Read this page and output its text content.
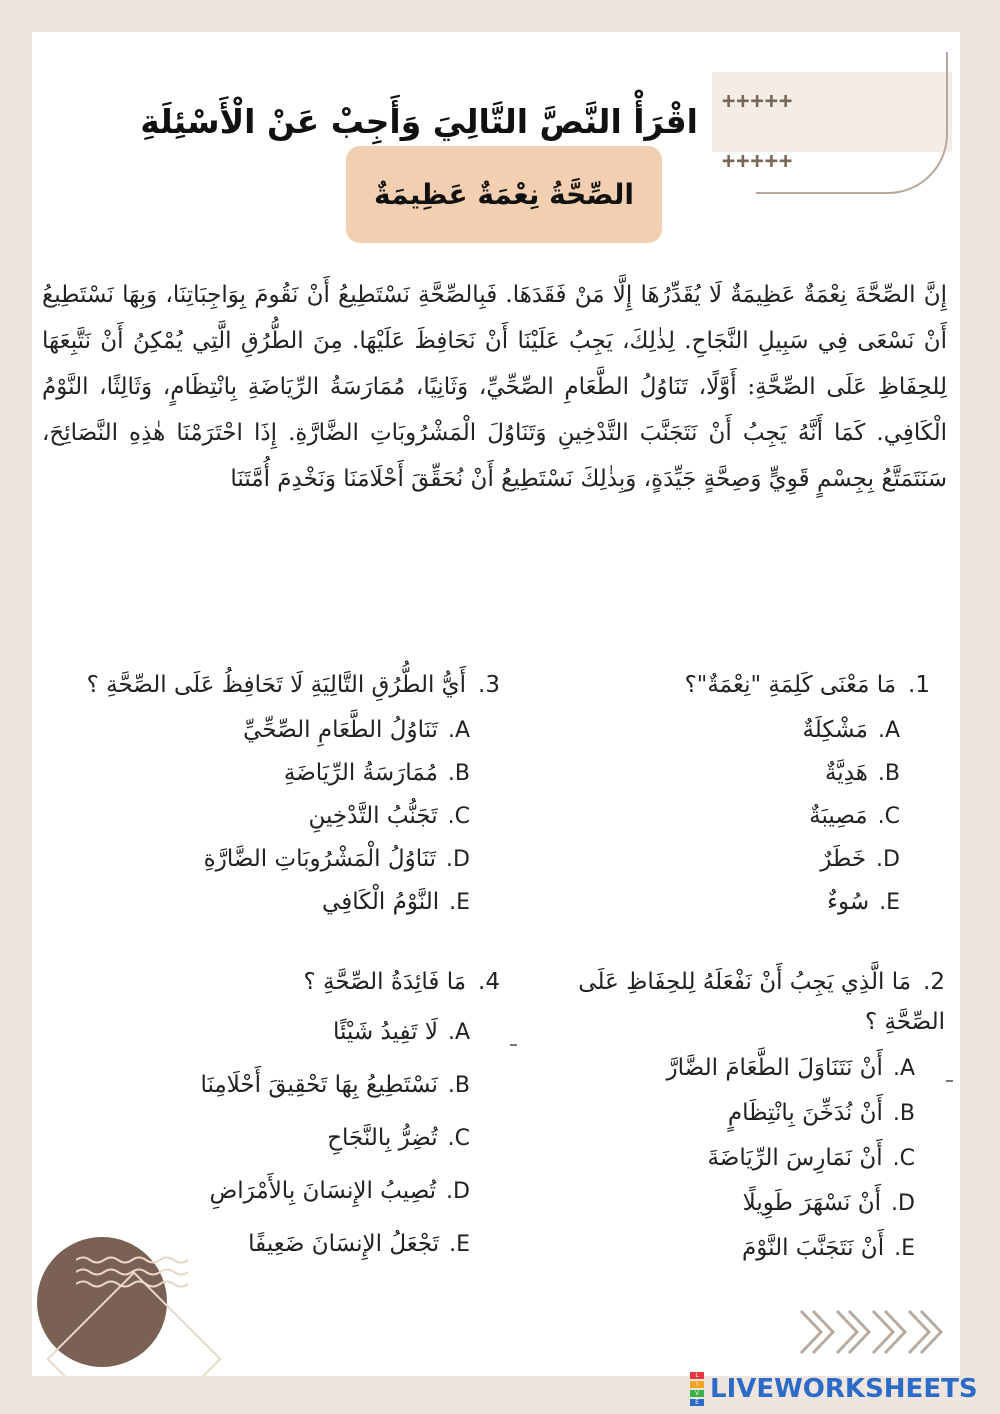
+++++

+++++

اقْرَأْ النَّصَّ التَّالِيَ وَأَجِبْ عَنْ الْأَسْئِلَةِ
الصِّحَّةُ نِعْمَةٌ عَظِيمَةٌ
إِنَّ الصِّحَّةَ نِعْمَةٌ عَظِيمَةٌ لَا يُقَدِّرُهَا إِلَّا مَنْ فَقَدَهَا. فَبِالصِّحَّةِ نَسْتَطِيعُ أَنْ نَقُومَ بِوَاجِبَاتِنَا، وَبِهَا نَسْتَطِيعُ أَنْ نَسْعَى فِي سَبِيلِ النَّجَاحِ. لِذٰلِكَ، يَجِبُ عَلَيْنَا أَنْ نَحَافِظَ عَلَيْهَا. مِنَ الطُّرُقِ الَّتِي يُمْكِنُ أَنْ نَتَّبِعَهَا لِلحِفَاظِ عَلَى الصِّحَّةِ: أَوَّلًا، تَنَاوُلُ الطَّعَامِ الصِّحِّيِّ، وَثَانِيًا، مُمَارَسَةُ الرِّيَاضَةِ بِانْتِظَامٍ، وَثَالِثًا، النَّوْمُ الْكَافِي. كَمَا أَنَّهُ يَجِبُ أَنْ نَتَجَنَّبَ التَّدْخِينِ وَتَنَاوُلَ الْمَشْرُوبَاتِ الضَّارَّةِ. إِذَا احْتَرَمْنَا هٰذِهِ النَّصَائِحَ، سَنَتَمَتَّعُ بِجِسْمٍ قَوِيٍّ وَصِحَّةٍ جَيِّدَةٍ، وَبِذٰلِكَ نَسْتَطِيعُ أَنْ نُحَقِّقَ أَحْلَامَنَا وَنَخْدِمَ أُمَّتَنَا
1.مَا مَعْنَى كَلِمَةِ "نِعْمَةٌ"؟
A.مَشْكِلَةٌ
B.هَدِيَّةٌ
C.مَصِيبَةٌ
D.خَطَرٌ
E.سُوءٌ
2.مَا الَّذِي يَجِبُ أَنْ نَفْعَلَهُ لِلحِفَاظِ عَلَى الصِّحَّةِ ؟
A.أَنْ نَتَنَاوَلَ الطَّعَامَ الضَّارَّ
B.أَنْ نُدَخِّنَ بِانْتِظَامٍ
C.أَنْ نَمَارِسَ الرِّيَاضَةَ
D.أَنْ نَسْهَرَ طَوِيلًا
E.أَنْ نَتَجَنَّبَ النَّوْمَ
3.أَيُّ الطُّرُقِ التَّالِيَةِ لَا تَحَافِظُ عَلَى الصِّحَّةِ ؟
A.تَنَاوُلُ الطَّعَامِ الصِّحِّيِّ
B.مُمَارَسَةُ الرِّيَاضَةِ
C.تَجَنُّبُ التَّدْخِينِ
D.تَنَاوُلُ الْمَشْرُوبَاتِ الضَّارَّةِ
E.النَّوْمُ الْكَافِي
4.مَا فَائِدَةُ الصِّحَّةِ ؟
A.لَا تَفِيدُ شَيْئًا
B.نَسْتَطِيعُ بِهَا تَحْقِيقَ أَحْلَامِنَا
C.تُضِرُّ بِالنَّجَاحِ
D.تُصِيبُ الإِنسَانَ بِالأَمْرَاضِ
E.تَجْعَلُ الإِنسَانَ ضَعِيفًا
L
I
V
E LIVEWORKSHEETS
